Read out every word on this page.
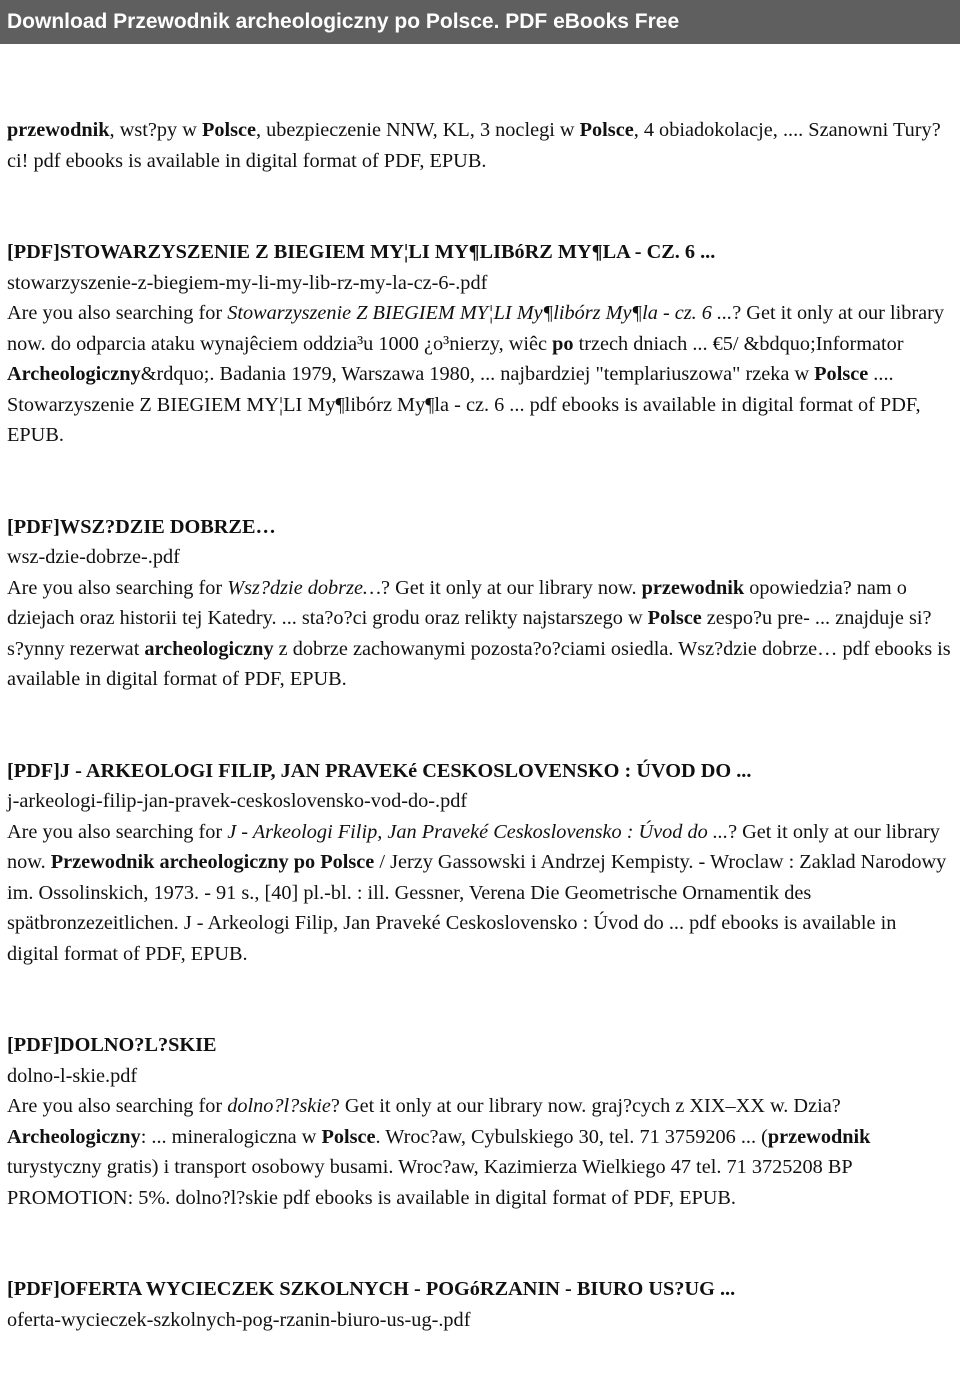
Download Przewodnik archeologiczny po Polsce. PDF eBooks Free

przewodnik, wst?py w Polsce, ubezpieczenie NNW, KL, 3 noclegi w Polsce, 4 obiadokolacje, .... Szanowni Tury?ci! pdf ebooks is available in digital format of PDF, EPUB.

[PDF]STOWARZYSZENIE Z BIEGIEM MY¦LI MY¶LIBóRZ MY¶LA - CZ. 6 ...

stowarzyszenie-z-biegiem-my-li-my-lib-rz-my-la-cz-6-.pdf

Are you also searching for Stowarzyszenie Z BIEGIEM MY¦LI My¶libórz My¶la - cz. 6 ...? Get it only at our library now. do odparcia ataku wynajêciem oddzia³u 1000 ¿o³nierzy, wiêc po trzech dniach ... €5/ &bdquo;Informator Archeologiczny&rdquo;. Badania 1979, Warszawa 1980, ... najbardziej "templariuszowa" rzeka w Polsce .... Stowarzyszenie Z BIEGIEM MY¦LI My¶libórz My¶la - cz. 6 ... pdf ebooks is available in digital format of PDF, EPUB.

[PDF]WSZ?DZIE DOBRZE…

wsz-dzie-dobrze-.pdf

Are you also searching for Wsz?dzie dobrze…? Get it only at our library now. przewodnik opowiedzia? nam o dziejach oraz historii tej Katedry. ... sta?o?ci grodu oraz relikty najstarszego w Polsce zespo?u pre- ... znajduje si? s?ynny rezerwat archeologiczny z dobrze zachowanymi pozosta?o?ciami osiedla. Wsz?dzie dobrze… pdf ebooks is available in digital format of PDF, EPUB.

[PDF]J - ARKEOLOGI FILIP, JAN PRAVEKé CESKOSLOVENSKO : ÚVOD DO ...

j-arkeologi-filip-jan-pravek-ceskoslovensko-vod-do-.pdf

Are you also searching for J - Arkeologi Filip, Jan Praveké Ceskoslovensko : Úvod do ...? Get it only at our library now. Przewodnik archeologiczny po Polsce / Jerzy Gassowski i Andrzej Kempisty. - Wroclaw : Zaklad Narodowy im. Ossolinskich, 1973. - 91 s., [40] pl.-bl. : ill. Gessner, Verena Die Geometrische Ornamentik des spätbronzezeitlichen. J - Arkeologi Filip, Jan Praveké Ceskoslovensko : Úvod do ... pdf ebooks is available in digital format of PDF, EPUB.

[PDF]DOLNO?L?SKIE

dolno-l-skie.pdf

Are you also searching for dolno?l?skie? Get it only at our library now. graj?cych z XIX–XX w. Dzia? Archeologiczny: ... mineralogiczna w Polsce. Wroc?aw, Cybulskiego 30, tel. 71 3759206 ... (przewodnik turystyczny gratis) i transport osobowy busami. Wroc?aw, Kazimierza Wielkiego 47 tel. 71 3725208 BP PROMOTION: 5%. dolno?l?skie pdf ebooks is available in digital format of PDF, EPUB.

[PDF]OFERTA WYCIECZEK SZKOLNYCH - POGóRZANIN - BIURO US?UG ...

oferta-wycieczek-szkolnych-pog-rzanin-biuro-us-ug-.pdf
